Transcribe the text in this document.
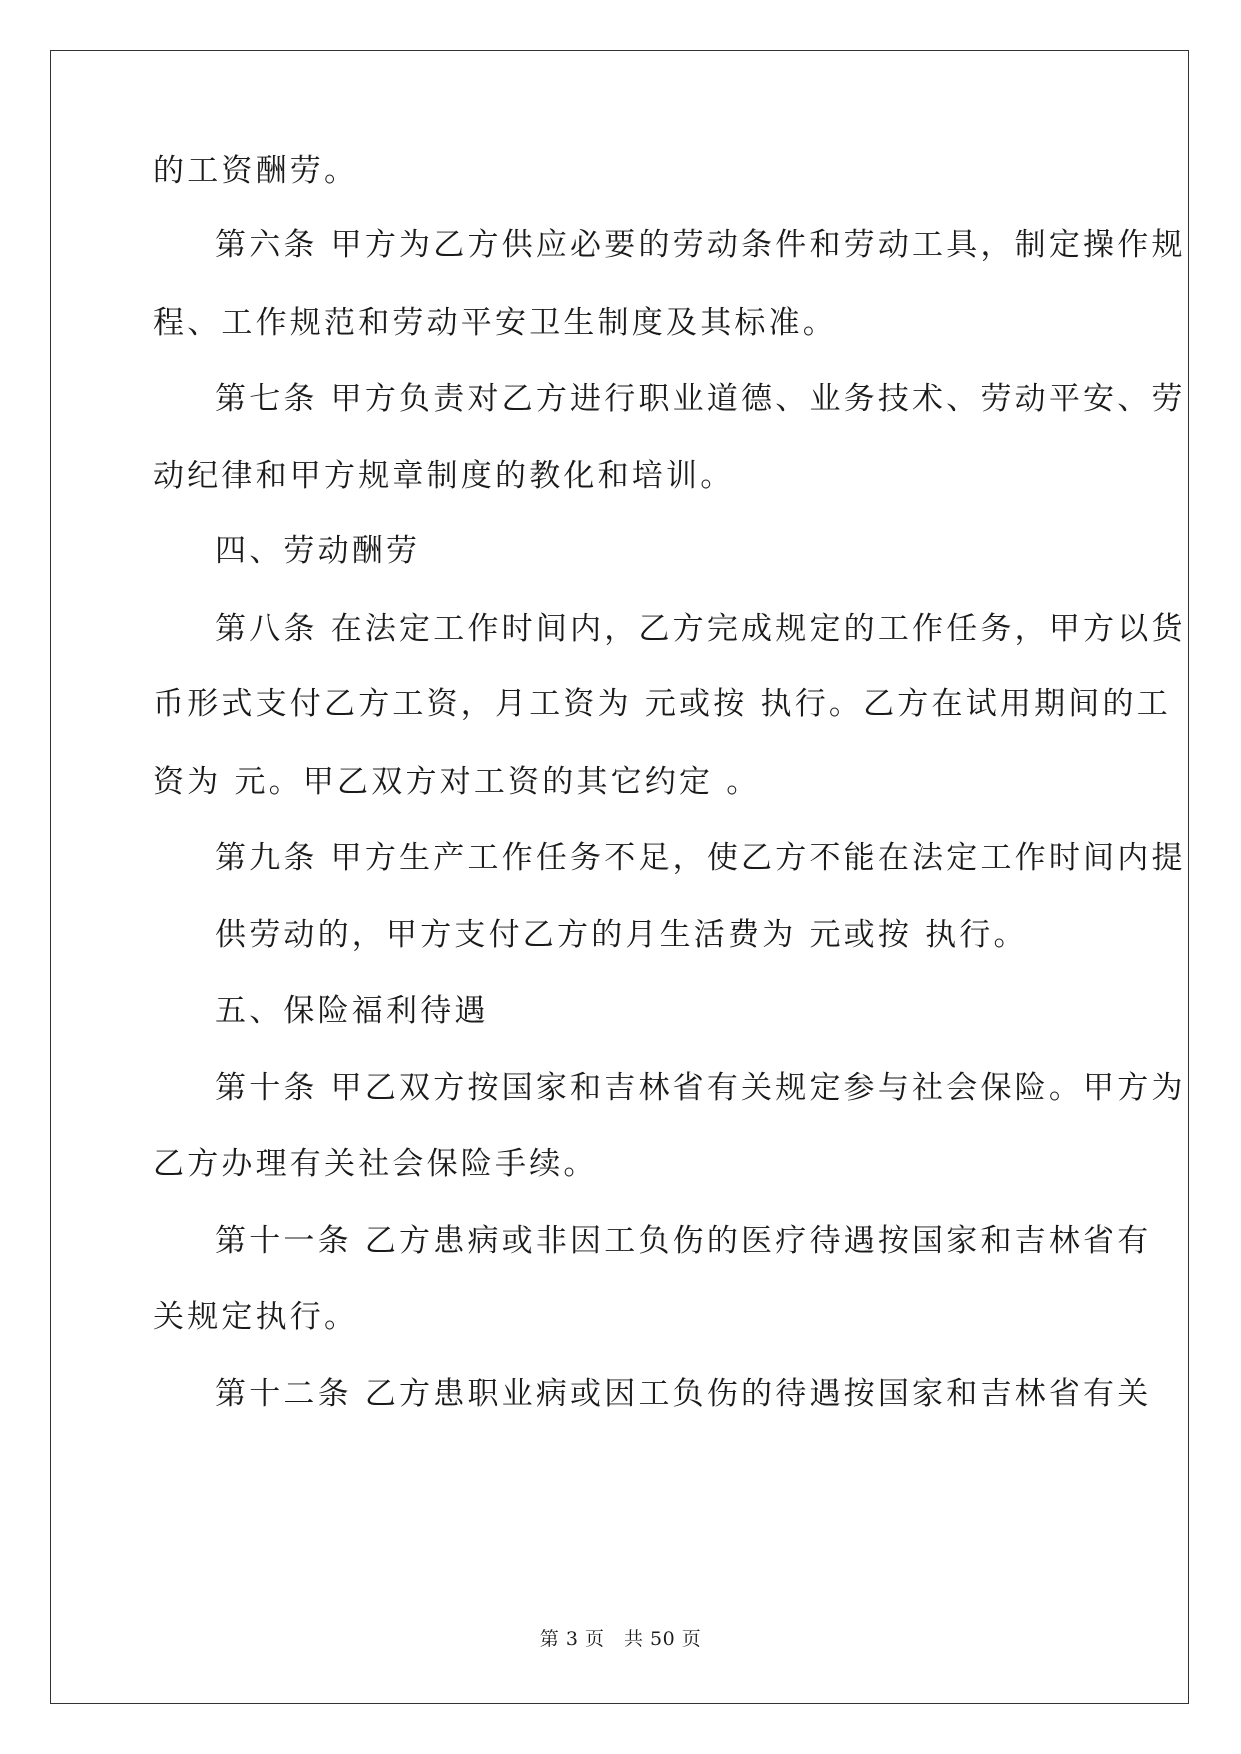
的工资酬劳。
第六条 甲方为乙方供应必要的劳动条件和劳动工具，制定操作规
程、工作规范和劳动平安卫生制度及其标准。
第七条 甲方负责对乙方进行职业道德、业务技术、劳动平安、劳
动纪律和甲方规章制度的教化和培训。
四、劳动酬劳
第八条 在法定工作时间内，乙方完成规定的工作任务，甲方以货
币形式支付乙方工资，月工资为 元或按 执行。乙方在试用期间的工
资为 元。甲乙双方对工资的其它约定 。
第九条 甲方生产工作任务不足，使乙方不能在法定工作时间内提
供劳动的，甲方支付乙方的月生活费为 元或按 执行。
五、保险福利待遇
第十条 甲乙双方按国家和吉林省有关规定参与社会保险。甲方为
乙方办理有关社会保险手续。
第十一条 乙方患病或非因工负伤的医疗待遇按国家和吉林省有
关规定执行。
第十二条 乙方患职业病或因工负伤的待遇按国家和吉林省有关
第 3 页　共 50 页
